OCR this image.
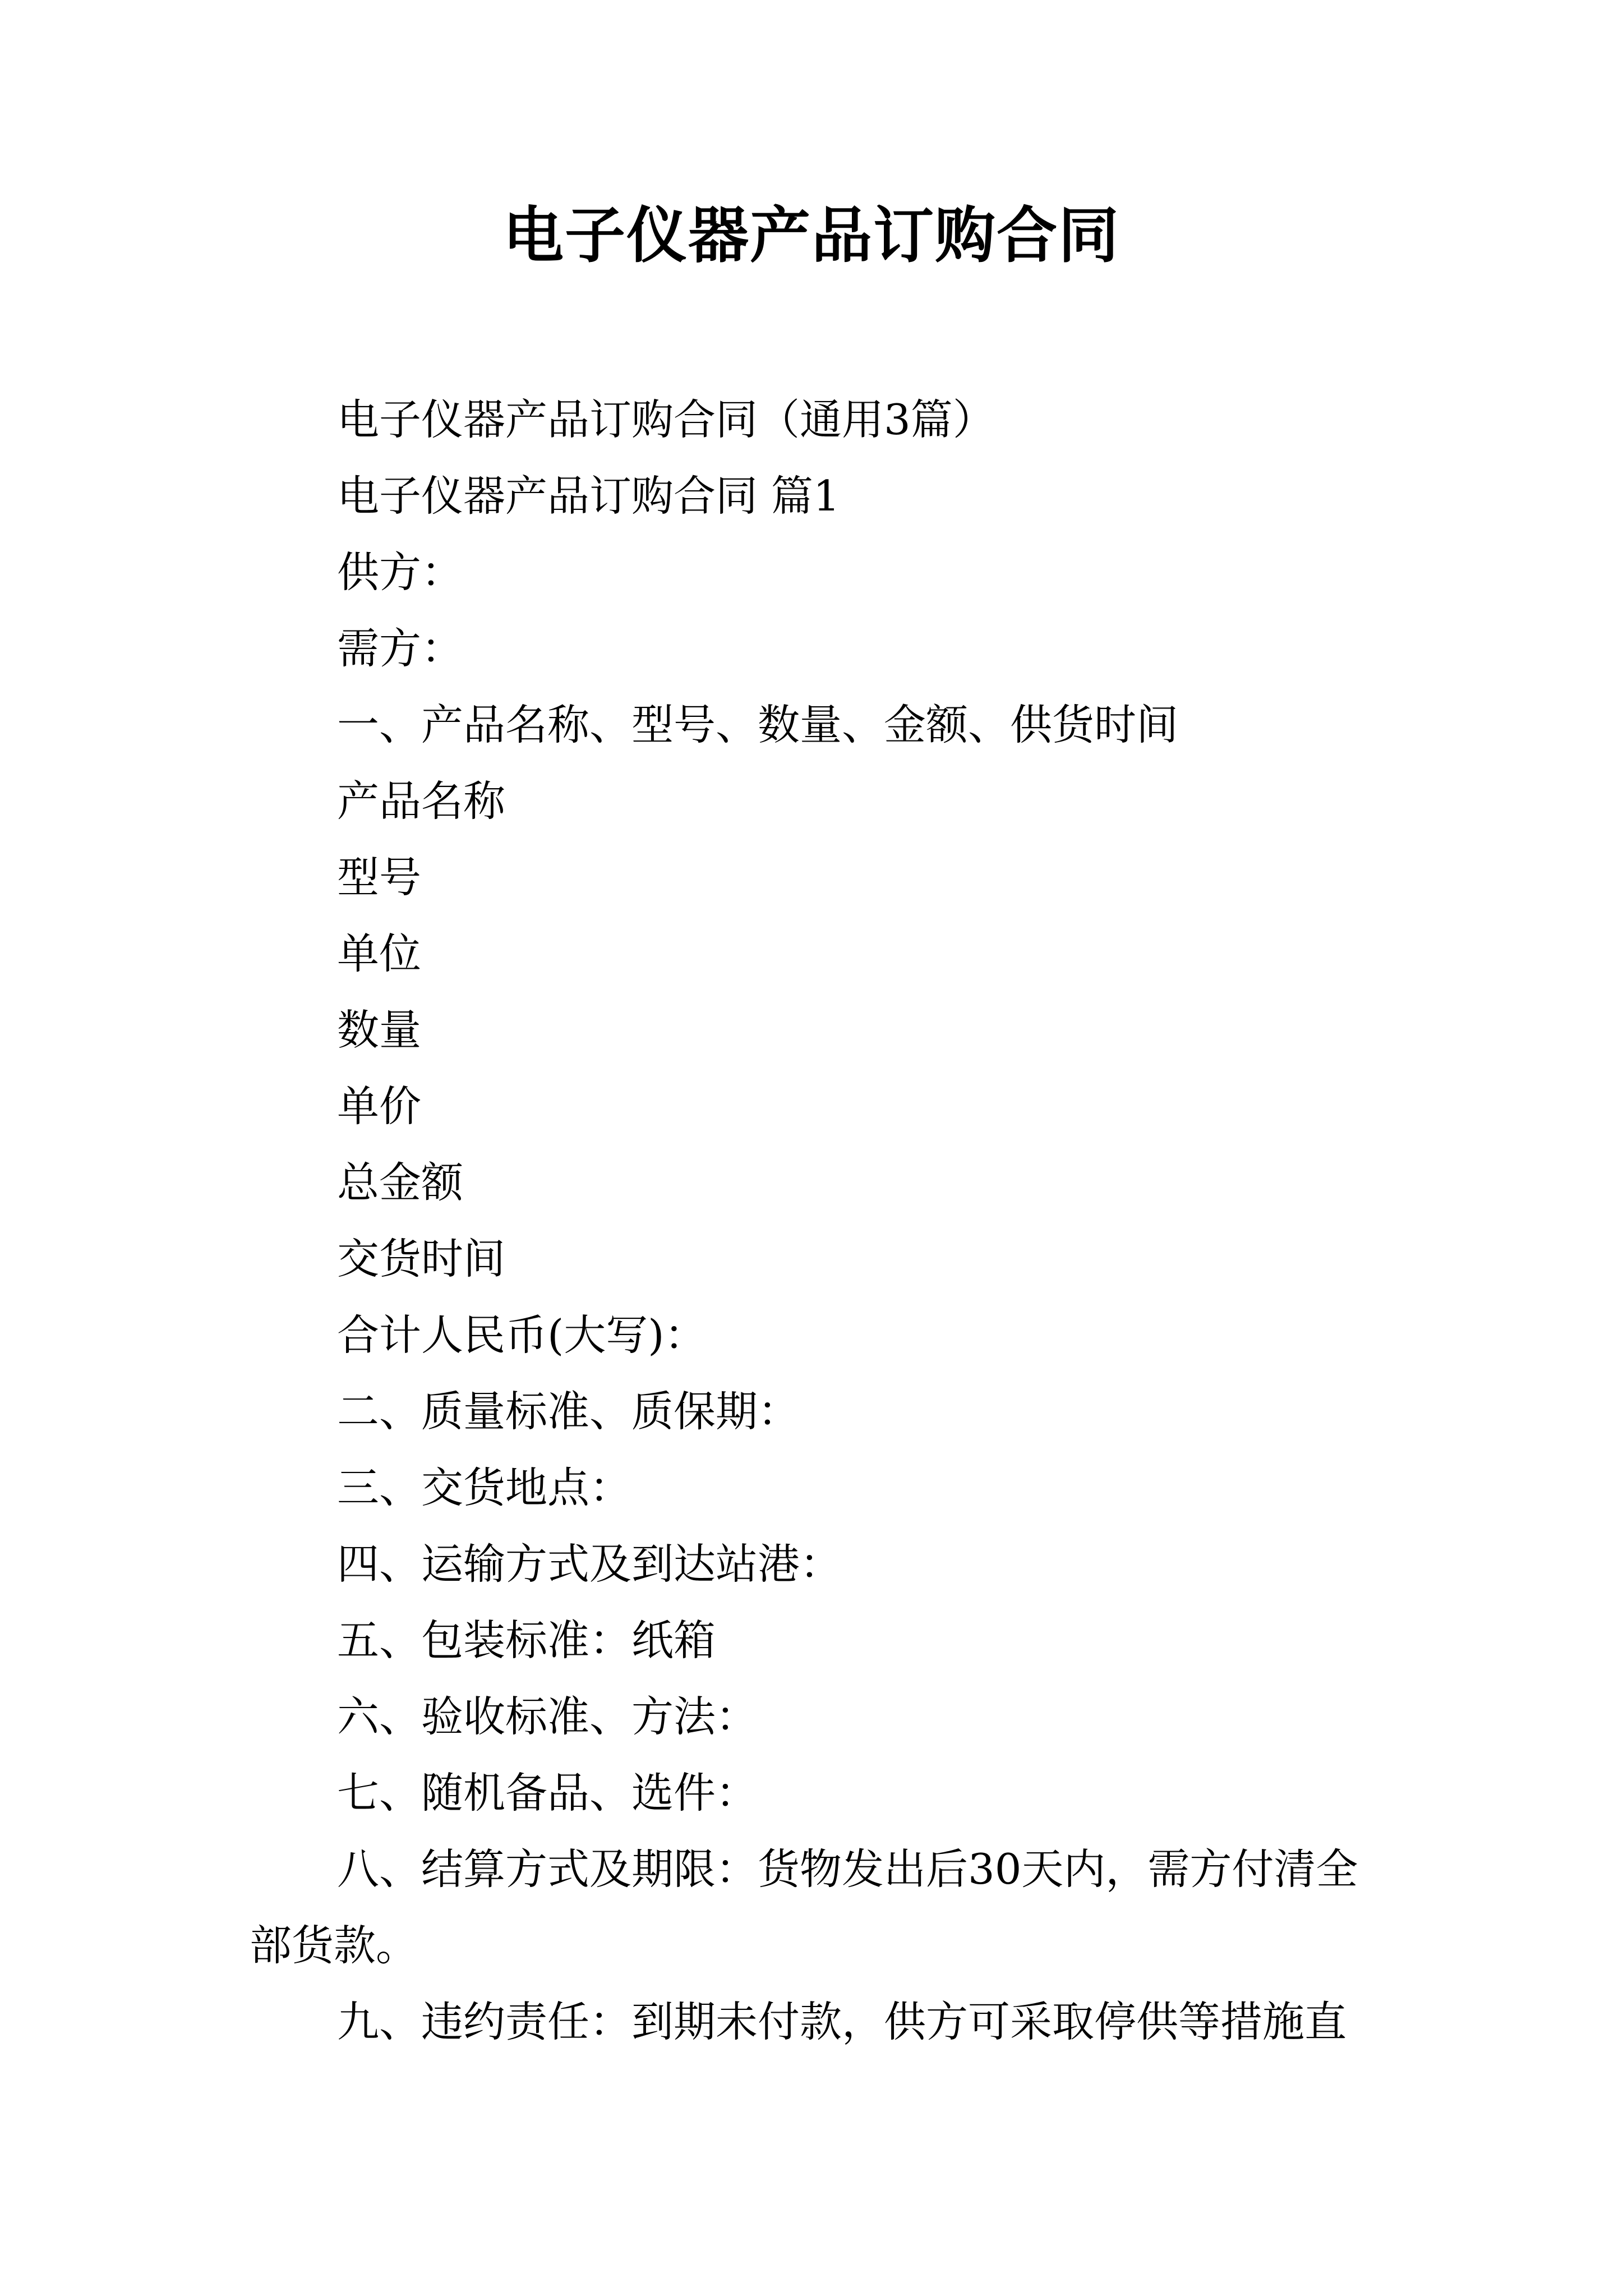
电子仪器产品订购合同

电子仪器产品订购合同（通用3篇）

电子仪器产品订购合同 篇1

供方：

需方：

一、产品名称、型号、数量、金额、供货时间

产品名称

型号

单位

数量

单价

总金额

交货时间

合计人民币(大写)：

二、质量标准、质保期：

三、交货地点：

四、运输方式及到达站港：

五、包装标准：纸箱

六、验收标准、方法：

七、随机备品、选件：

八、结算方式及期限：货物发出后30天内，需方付清全部货款。

九、违约责任：到期未付款，供方可采取停供等措施直
